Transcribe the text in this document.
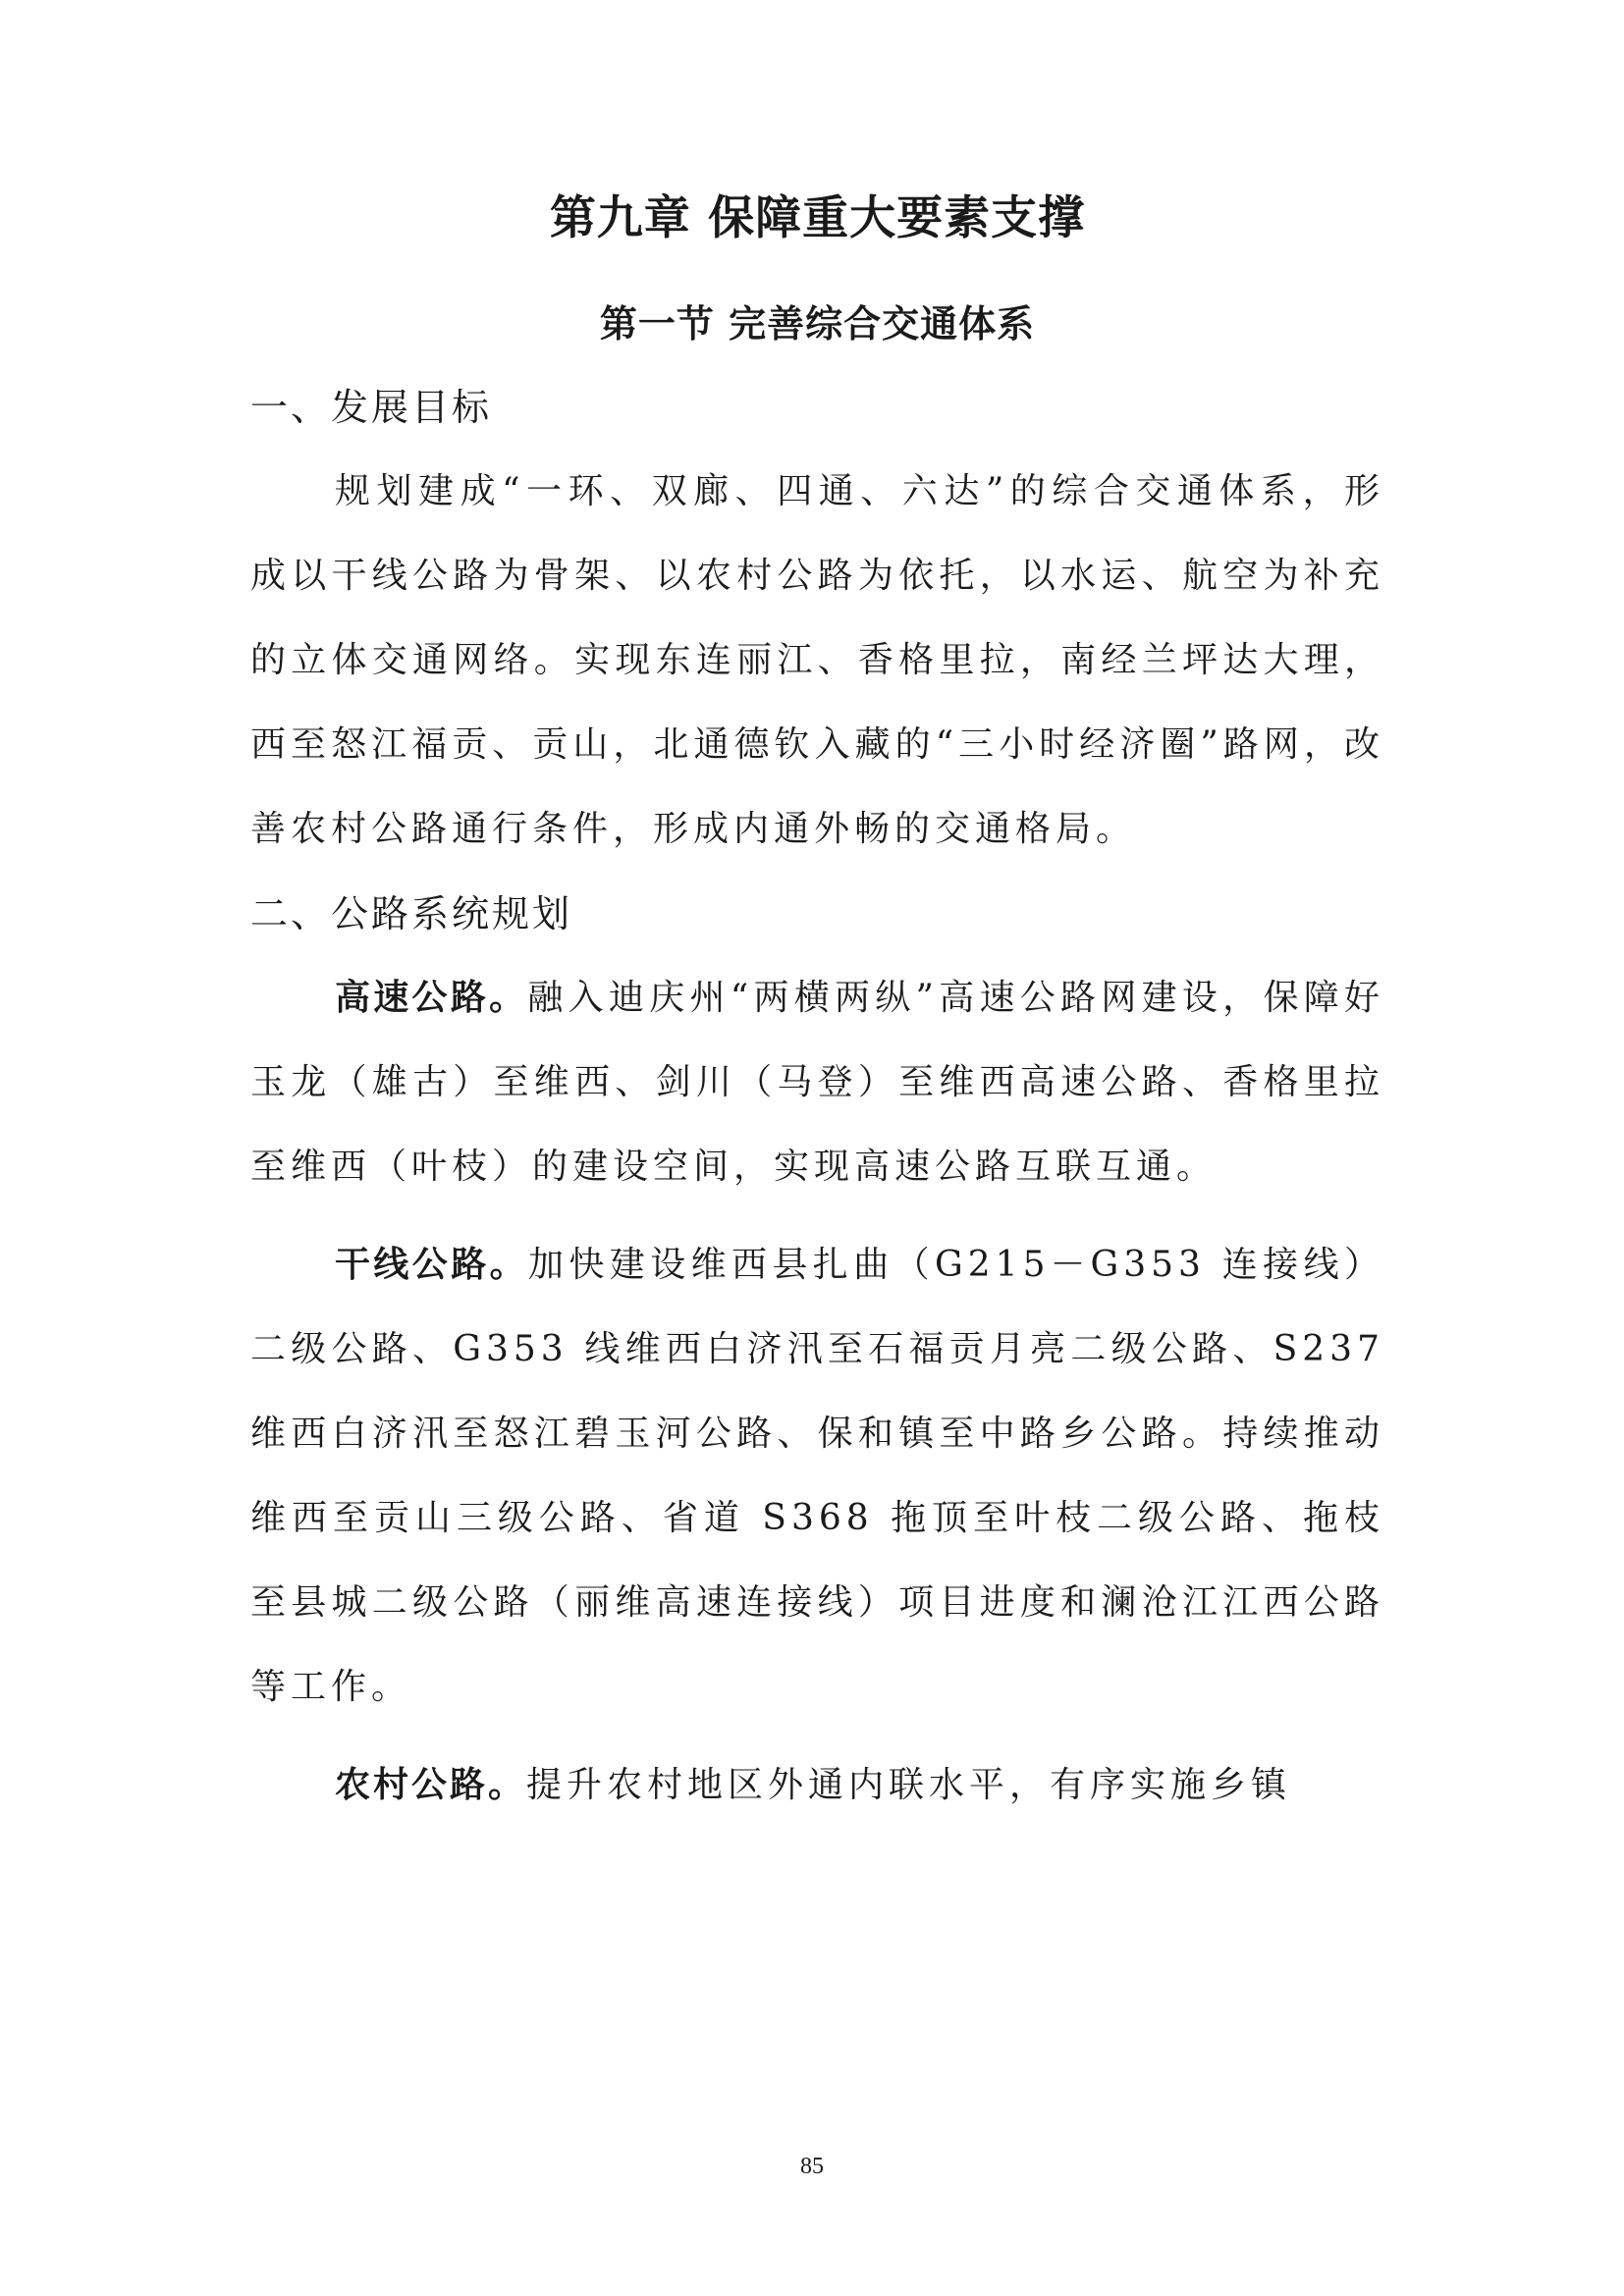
第九章 保障重大要素支撑
第一节 完善综合交通体系
一、发展目标

规划建成“一环、双廊、四通、六达”的综合交通体系，形成以干线公路为骨架、以农村公路为依托，以水运、航空为补充的立体交通网络。实现东连丽江、香格里拉，南经兰坪达大理，西至怒江福贡、贡山，北通德钦入藏的“三小时经济圈”路网，改善农村公路通行条件，形成内通外畅的交通格局。

二、公路系统规划

高速公路。融入迪庆州“两横两纵”高速公路网建设，保障好玉龙（雄古）至维西、剑川（马登）至维西高速公路、香格里拉至维西（叶枝）的建设空间，实现高速公路互联互通。

干线公路。加快建设维西县扎曲（G215－G353 连接线）二级公路、G353 线维西白济汛至石福贡月亮二级公路、S237 维西白济汛至怒江碧玉河公路、保和镇至中路乡公路。持续推动维西至贡山三级公路、省道 S368 拖顶至叶枝二级公路、拖枝至县城二级公路（丽维高速连接线）项目进度和澜沧江江西公路等工作。

农村公路。提升农村地区外通内联水平，有序实施乡镇

85
